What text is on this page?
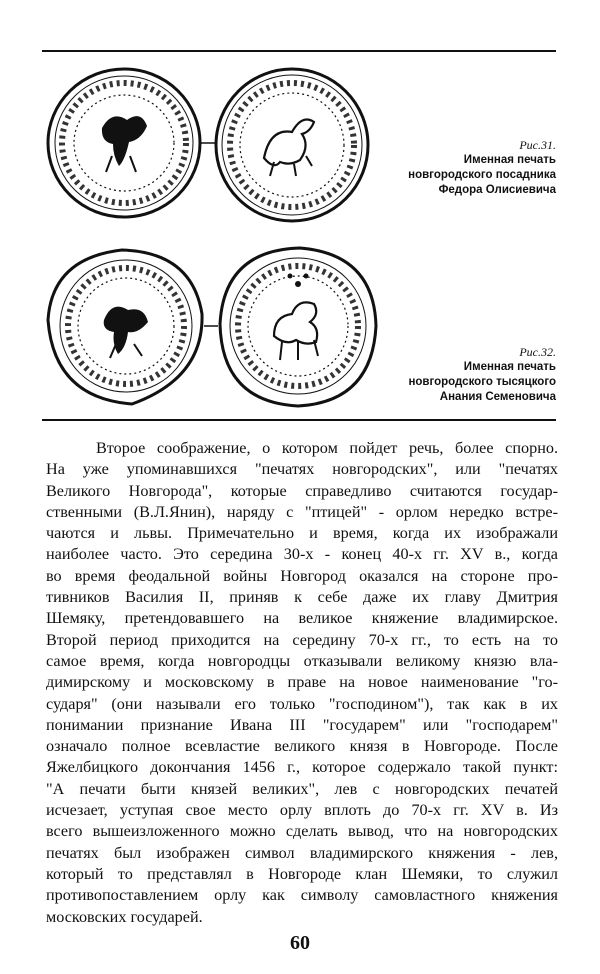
Рис.31.
Именная печать
новгородского посадника
Федора Олисиевича
Рис.32.
Именная печать
новгородского тысяцкого
Анания Семеновича
Второе соображение, о котором пойдет речь, более спорно.
На уже упоминавшихся "печатях новгородских", или "печатях
Великого Новгорода", которые справедливо считаются государ-
ственными (В.Л.Янин), наряду с "птицей" - орлом нередко встре-
чаются и львы. Примечательно и время, когда их изображали
наиболее часто. Это середина 30-х - конец 40-х гг. XV в., когда
во время феодальной войны Новгород оказался на стороне про-
тивников Василия II, приняв к себе даже их главу Дмитрия
Шемяку, претендовавшего на великое княжение владимирское.
Второй период приходится на середину 70-х гг., то есть на то
самое время, когда новгородцы отказывали великому князю вла-
димирскому и московскому в праве на новое наименование "го-
сударя" (они называли его только "господином"), так как в их
понимании признание Ивана III "государем" или "господарем"
означало полное всевластие великого князя в Новгороде. После
Яжелбицкого докончания 1456 г., которое содержало такой пункт:
"А печати быти князей великих", лев с новгородских печатей
исчезает, уступая свое место орлу вплоть до 70-х гг. XV в. Из
всего вышеизложенного можно сделать вывод, что на новгородских
печатях был изображен символ владимирского княжения - лев,
который то представлял в Новгороде клан Шемяки, то служил
противопоставлением орлу как символу самовластного княжения
московских государей.
60
